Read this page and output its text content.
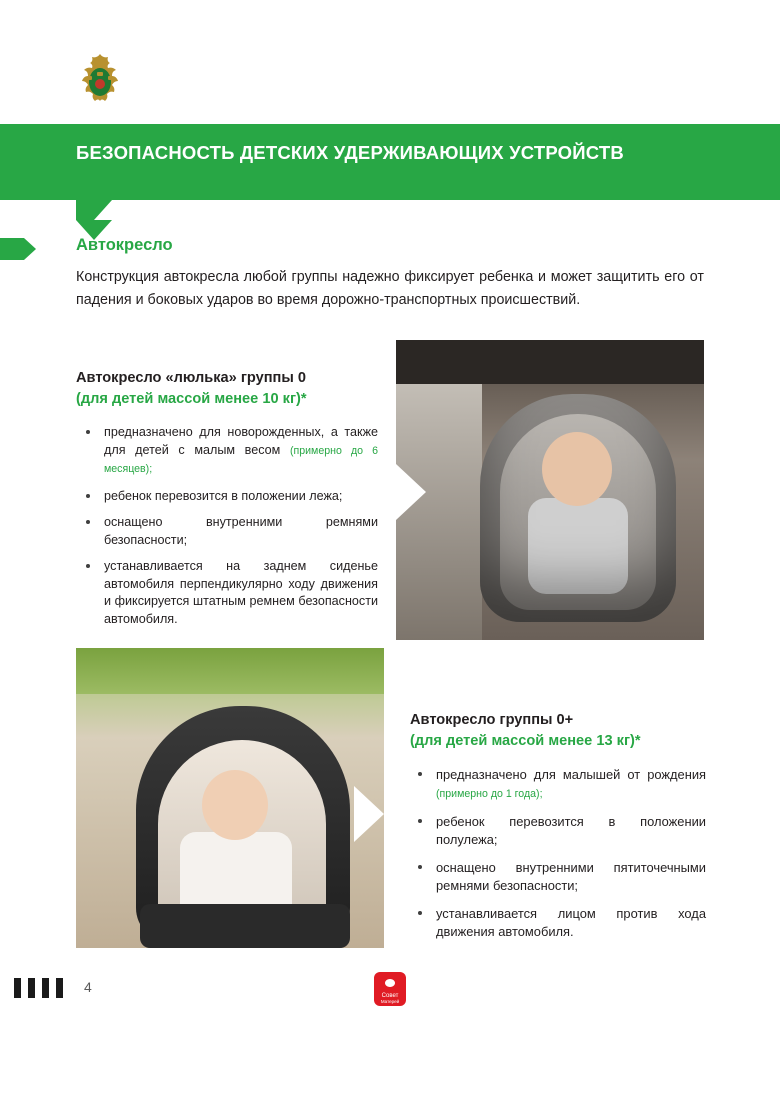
БЕЗОПАСНОСТЬ ДЕТСКИХ УДЕРЖИВАЮЩИХ УСТРОЙСТВ
Автокресло
Конструкция автокресла любой группы надежно фиксирует ребенка и может защитить его от падения и боковых ударов во время дорожно-транспортных происшествий.
Автокресло «люлька» группы 0
(для детей массой менее 10 кг)*
предназначено для новорожденных, а также для детей с малым весом (примерно до 6 месяцев);
ребенок перевозится в положении лежа;
оснащено внутренними ремнями безопасности;
устанавливается на заднем сиденье автомобиля перпендикулярно ходу движения и фиксируется штатным ремнем безопасности автомобиля.
Автокресло группы 0+
(для детей массой менее 13 кг)*
предназначено для малышей от рождения (примерно до 1 года);
ребенок перевозится в положении полулежа;
оснащено внутренними пятиточечными ремнями безопасности;
устанавливается лицом против хода движения автомобиля.
4
Совет
Матерей
